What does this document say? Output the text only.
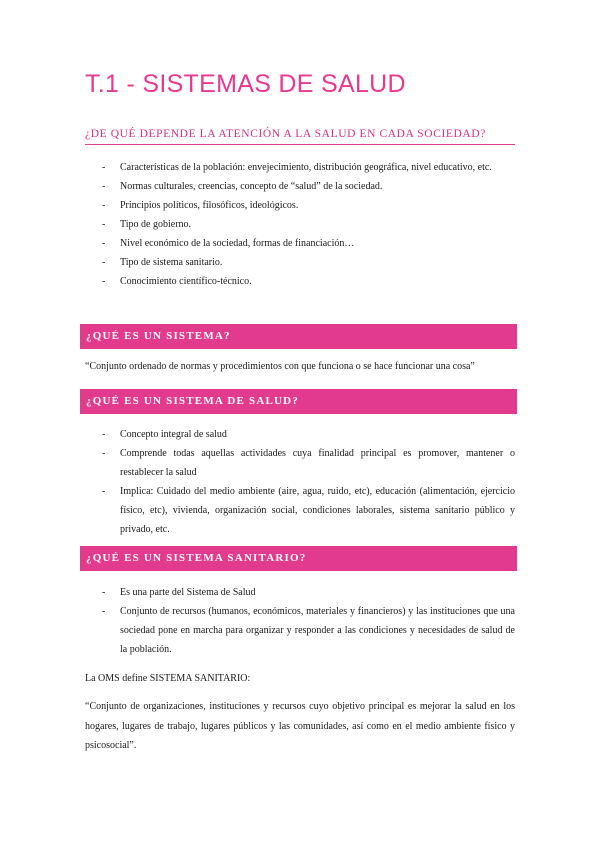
T.1 - SISTEMAS DE SALUD
¿DE QUÉ DEPENDE LA ATENCIÓN A LA SALUD EN CADA SOCIEDAD?
- Características de la población: envejecimiento, distribución geográfica, nivel educativo, etc.
- Normas culturales, creencias, concepto de “salud” de la sociedad.
- Principios políticos, filosóficos, ideológicos.
- Tipo de gobierno.
- Nivel económico de la sociedad, formas de financiación…
- Tipo de sistema sanitario.
- Conocimiento científico-técnico.
¿QUÉ ES UN SISTEMA?

“Conjunto ordenado de normas y procedimientos con que funciona o se hace funcionar una cosa”

¿QUÉ ES UN SISTEMA DE SALUD?
- Concepto integral de salud
- Comprende todas aquellas actividades cuya finalidad principal es promover, mantener o restablecer la salud
- Implica: Cuidado del medio ambiente (aire, agua, ruido, etc), educación (alimentación, ejercicio físico, etc), vivienda, organización social, condiciones laborales, sistema sanitario público y privado, etc.
¿QUÉ ES UN SISTEMA SANITARIO?
- Es una parte del Sistema de Salud
- Conjunto de recursos (humanos, económicos, materiales y financieros) y las instituciones que una sociedad pone en marcha para organizar y responder a las condiciones y necesidades de salud de la población.

La OMS define SISTEMA SANITARIO:

“Conjunto de organizaciones, instituciones y recursos cuyo objetivo principal es mejorar la salud en los hogares, lugares de trabajo, lugares públicos y las comunidades, así como en el medio ambiente físico y psicosocial”.
